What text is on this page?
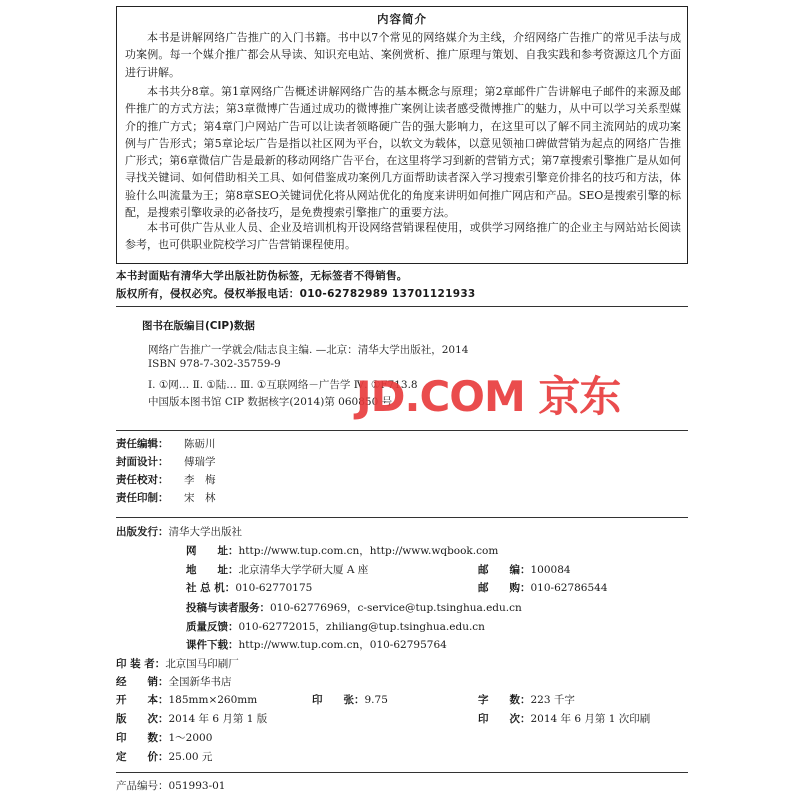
内容简介

本书是讲解网络广告推广的入门书籍。书中以7个常见的网络媒介为主线，介绍网络广告推广的常见手法与成功案例。每一个媒介推广都会从导读、知识充电站、案例赏析、推广原理与策划、自我实践和参考资源这几个方面进行讲解。

本书共分8章。第1章网络广告概述讲解网络广告的基本概念与原理；第2章邮件广告讲解电子邮件的来源及邮件推广的方式方法；第3章微博广告通过成功的微博推广案例让读者感受微博推广的魅力，从中可以学习关系型媒介的推广方式；第4章门户网站广告可以让读者领略硬广告的强大影响力，在这里可以了解不同主流网站的成功案例与广告形式；第5章论坛广告是指以社区网为平台，以软文为载体，以意见领袖口碑做营销为起点的网络广告推广形式；第6章微信广告是最新的移动网络广告平台，在这里将学习到新的营销方式；第7章搜索引擎推广是从如何寻找关键词、如何借助相关工具、如何借鉴成功案例几方面帮助读者深入学习搜索引擎竞价排名的技巧和方法，体验什么叫流量为王；第8章SEO关键词优化将从网站优化的角度来讲明如何推广网店和产品。SEO是搜索引擎的标配，是搜索引擎收录的必备技巧，是免费搜索引擎推广的重要方法。

本书可供广告从业人员、企业及培训机构开设网络营销课程使用，或供学习网络推广的企业主与网站站长阅读参考，也可供职业院校学习广告营销课程使用。

本书封面贴有清华大学出版社防伪标签，无标签者不得销售。
版权所有，侵权必究。侵权举报电话：010-62782989 13701121933
图书在版编目(CIP)数据
网络广告推广一学就会/陆志良主编. —北京：清华大学出版社，2014
ISBN 978-7-302-35759-9
Ⅰ. ①网… Ⅱ. ①陆… Ⅲ. ①互联网络－广告学 Ⅳ. ①F713.8
中国版本图书馆 CIP 数据核字(2014)第 060850 号
JD.COM 京东
责任编辑： 陈砺川
封面设计： 傅瑞学
责任校对： 李　梅
责任印制： 宋　林
出版发行：清华大学出版社
网　　址：http://www.tup.com.cn，http://www.wqbook.com
地　　址：北京清华大学学研大厦 A 座	邮　　编：100084
社 总 机：010-62770175	邮　　购：010-62786544
投稿与读者服务：010-62776969，c-service@tup.tsinghua.edu.cn
质量反馈：010-62772015，zhiliang@tup.tsinghua.edu.cn
课件下载：http://www.tup.com.cn，010-62795764
印 装 者：北京国马印刷厂
经　　销：全国新华书店
开　　本：185mm×260mm	印　　张：9.75	字　　数：223 千字
版　　次：2014 年 6 月第 1 版	印　　次：2014 年 6 月第 1 次印刷
印　　数：1～2000
定　　价：25.00 元
产品编号：051993-01
